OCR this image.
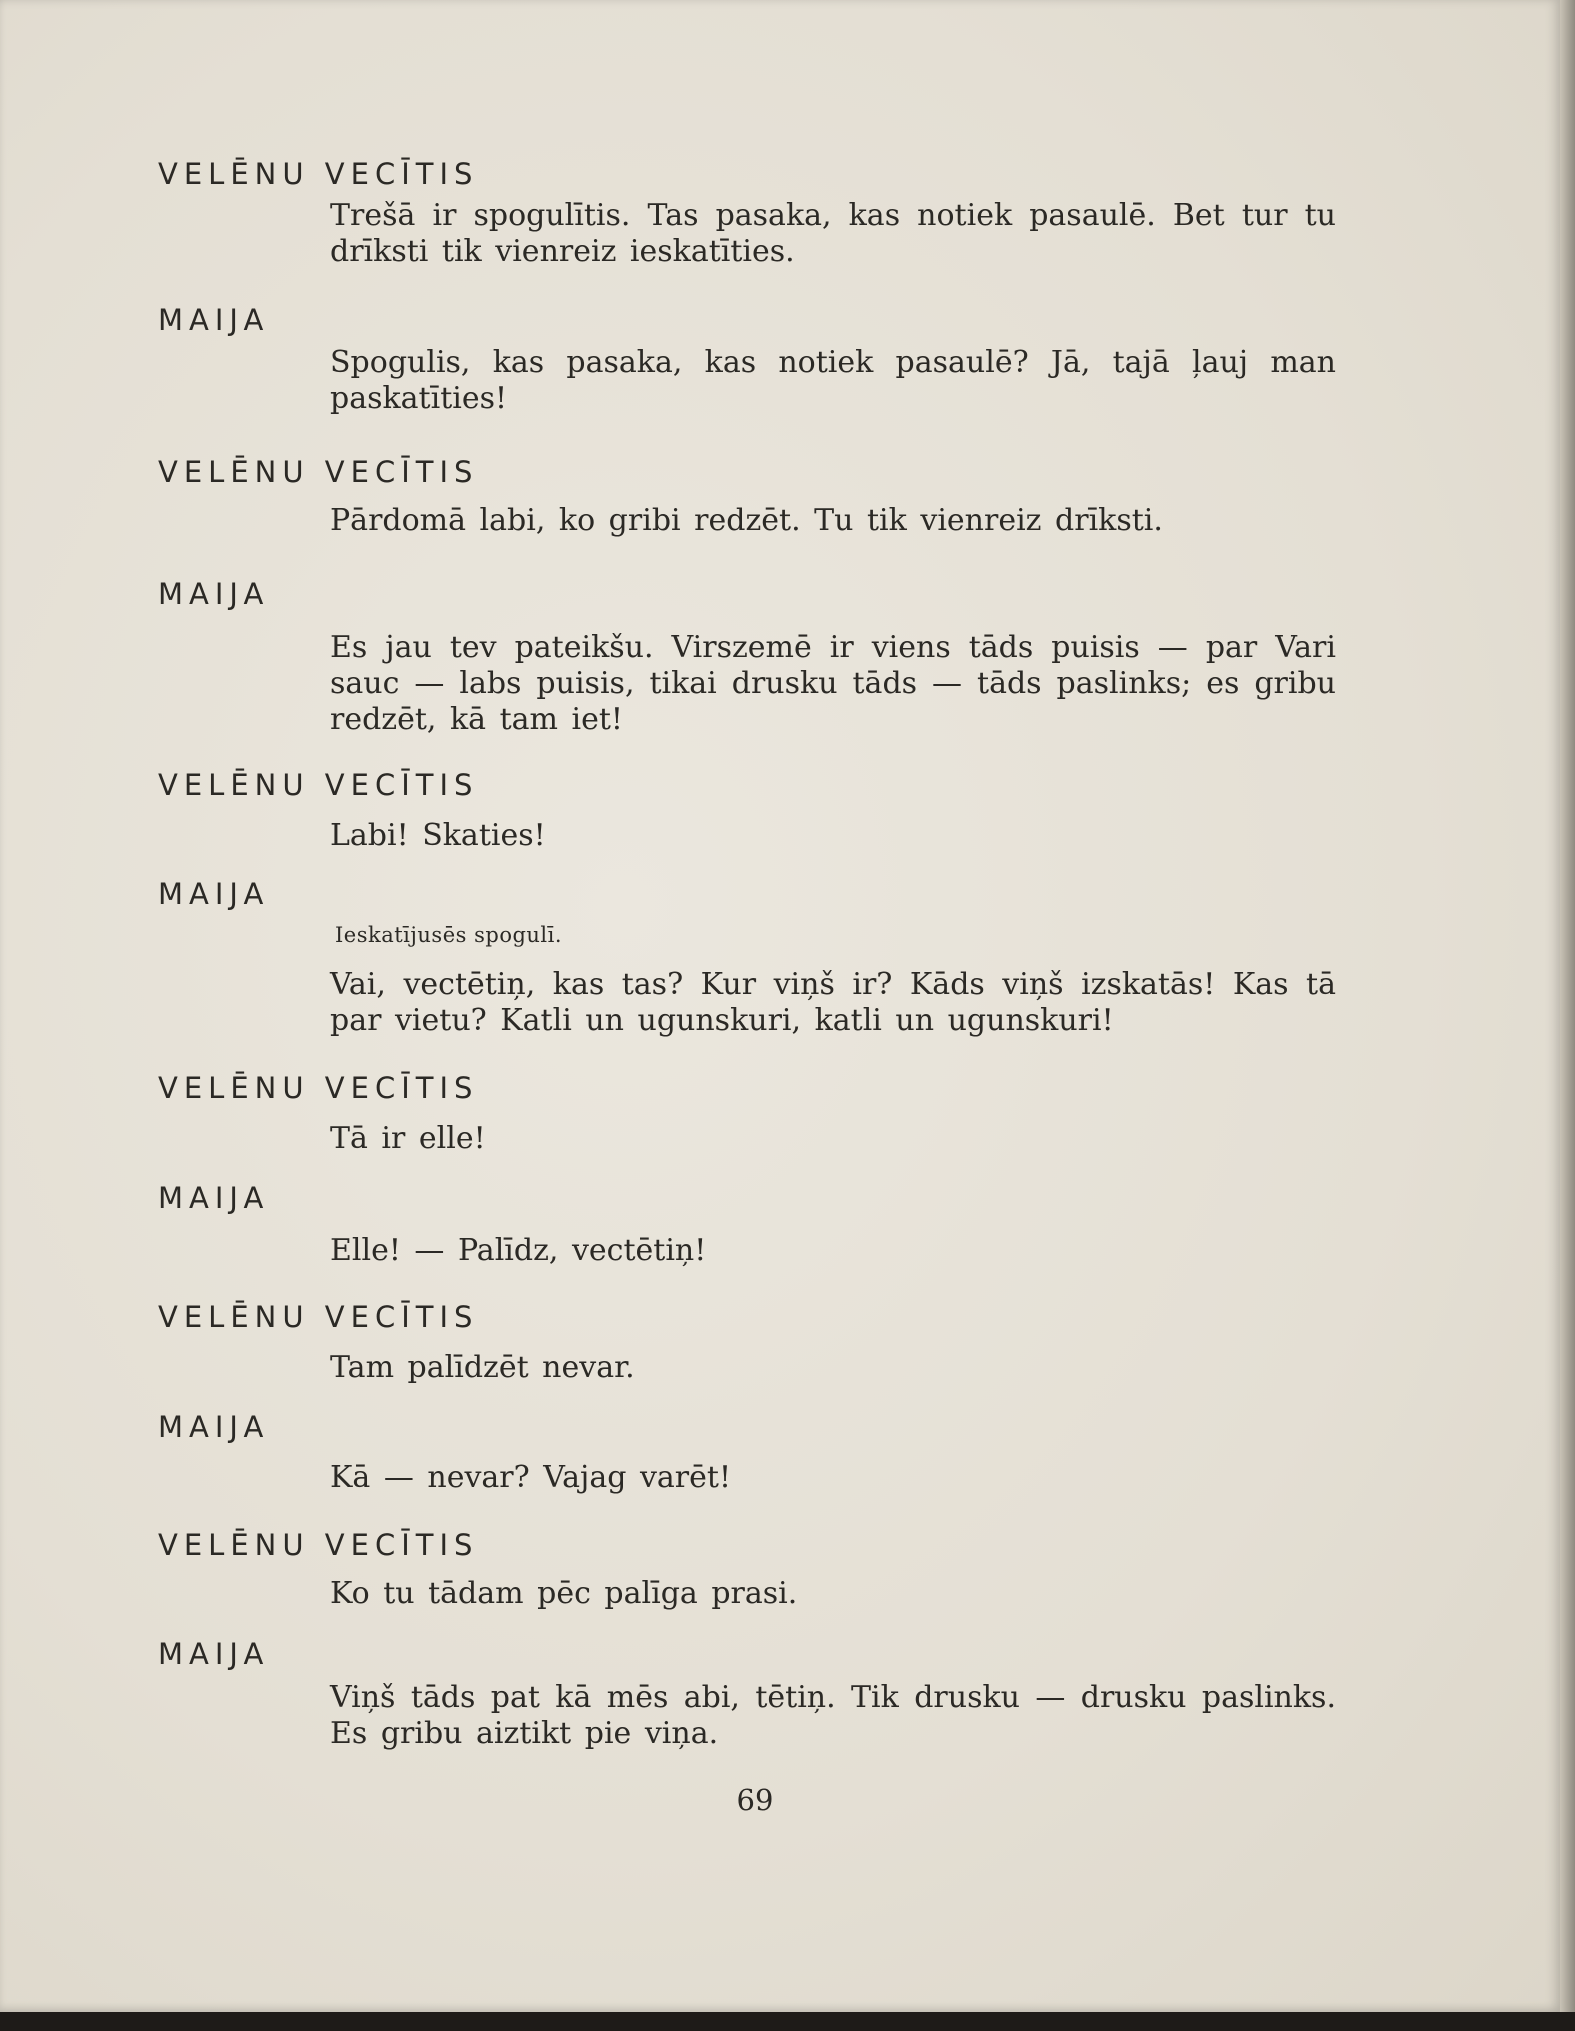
VELĒNU VECĪTIS
Trešā ir spogulītis. Tas pasaka, kas notiek pasaulē. Bet tur tu drīksti tik vienreiz ieskatīties.
MAIJA
Spogulis, kas pasaka, kas notiek pasaulē? Jā, tajā ļauj man paskatīties!
VELĒNU VECĪTIS
Pārdomā labi, ko gribi redzēt. Tu tik vienreiz drīksti.
MAIJA
Es jau tev pateikšu. Virszemē ir viens tāds puisis — par Vari sauc — labs puisis, tikai drusku tāds — tāds paslinks; es gribu redzēt, kā tam iet!
VELĒNU VECĪTIS
Labi! Skaties!
MAIJA
Ieskatījusēs spogulī.
Vai, vectētiņ, kas tas? Kur viņš ir? Kāds viņš izskatās! Kas tā par vietu? Katli un ugunskuri, katli un ugunskuri!
VELĒNU VECĪTIS
Tā ir elle!
MAIJA
Elle! — Palīdz, vectētiņ!
VELĒNU VECĪTIS
Tam palīdzēt nevar.
MAIJA
Kā — nevar? Vajag varēt!
VELĒNU VECĪTIS
Ko tu tādam pēc palīga prasi.
MAIJA
Viņš tāds pat kā mēs abi, tētiņ. Tik drusku — drusku paslinks. Es gribu aiztikt pie viņa.
69
